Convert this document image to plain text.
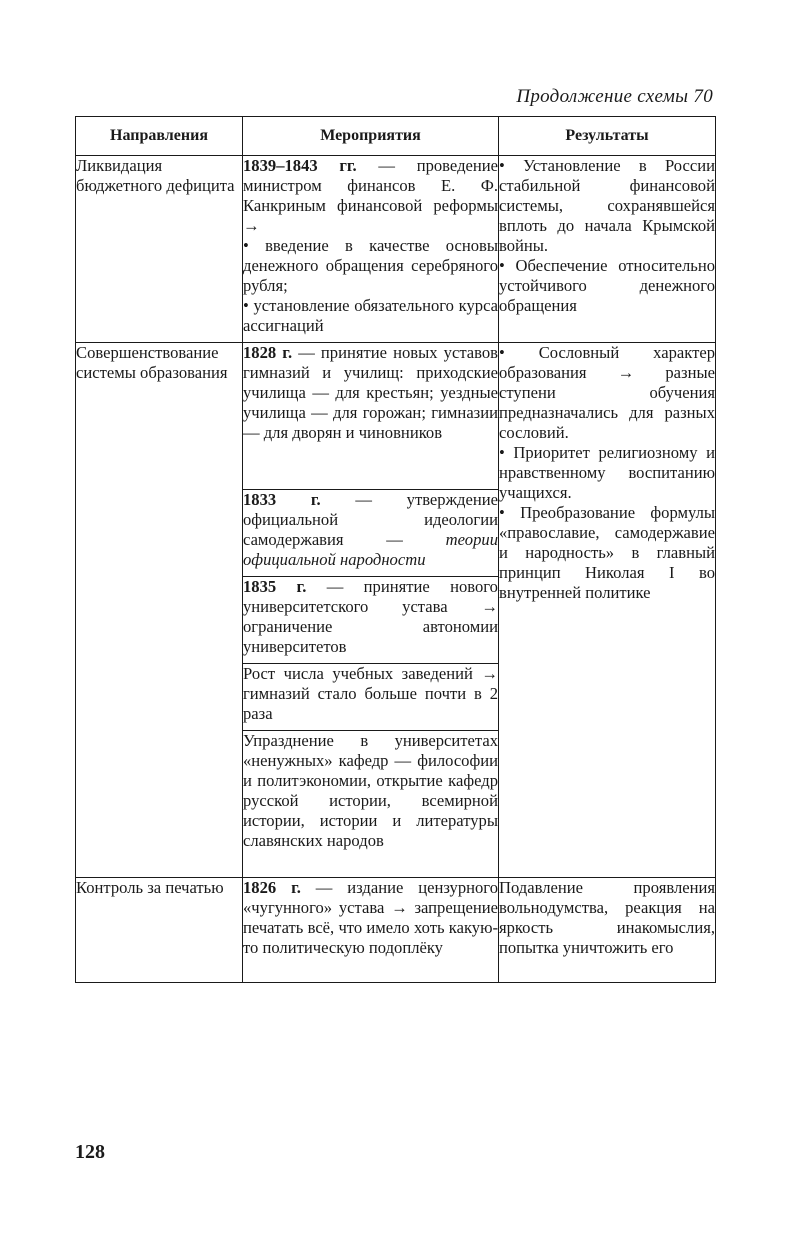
Продолжение схемы 70
Направления	Мероприятия	Результаты
Ликвидация бюджетного дефицита	1839–1843 гг. — проведение министром финансов Е. Ф. Канкриным финансовой реформы →
• введение в качестве основы денежного обращения серебряного рубля;
• установление обязательного курса ассигнаций	• Установление в России стабильной финансовой системы, сохранявшейся вплоть до начала Крымской войны.
• Обеспечение относительно устойчивого денежного обращения

Совершенствование системы образования	1828 г. — принятие новых уставов гимназий и училищ: приходские училища — для крестьян; уездные училища — для горожан; гимназии — для дворян и чиновников	• Сословный характер образования → разные ступени обучения предназначались для разных сословий.
• Приоритет религиозному и нравственному воспитанию учащихся.
• Преобразование формулы «православие, самодержавие и народность» в главный принцип Николая I во внутренней политике

	1833 г. — утверждение официальной идеологии самодержавия — теории официальной народности	
	1835 г. — принятие нового университетского устава → ограничение автономии университетов	
	Рост числа учебных заведений → гимназий стало больше почти в 2 раза	
	Упразднение в университетах «ненужных» кафедр — философии и политэкономии, открытие кафедр русской истории, всемирной истории, истории и литературы славянских народов	
Контроль за печатью	1826 г. — издание цензурного «чугунного» устава → запрещение печатать всё, что имело хоть какую-то политическую подоплёку	Подавление проявления вольнодумства, реакция на яркость инакомыслия, попытка уничтожить его
128
